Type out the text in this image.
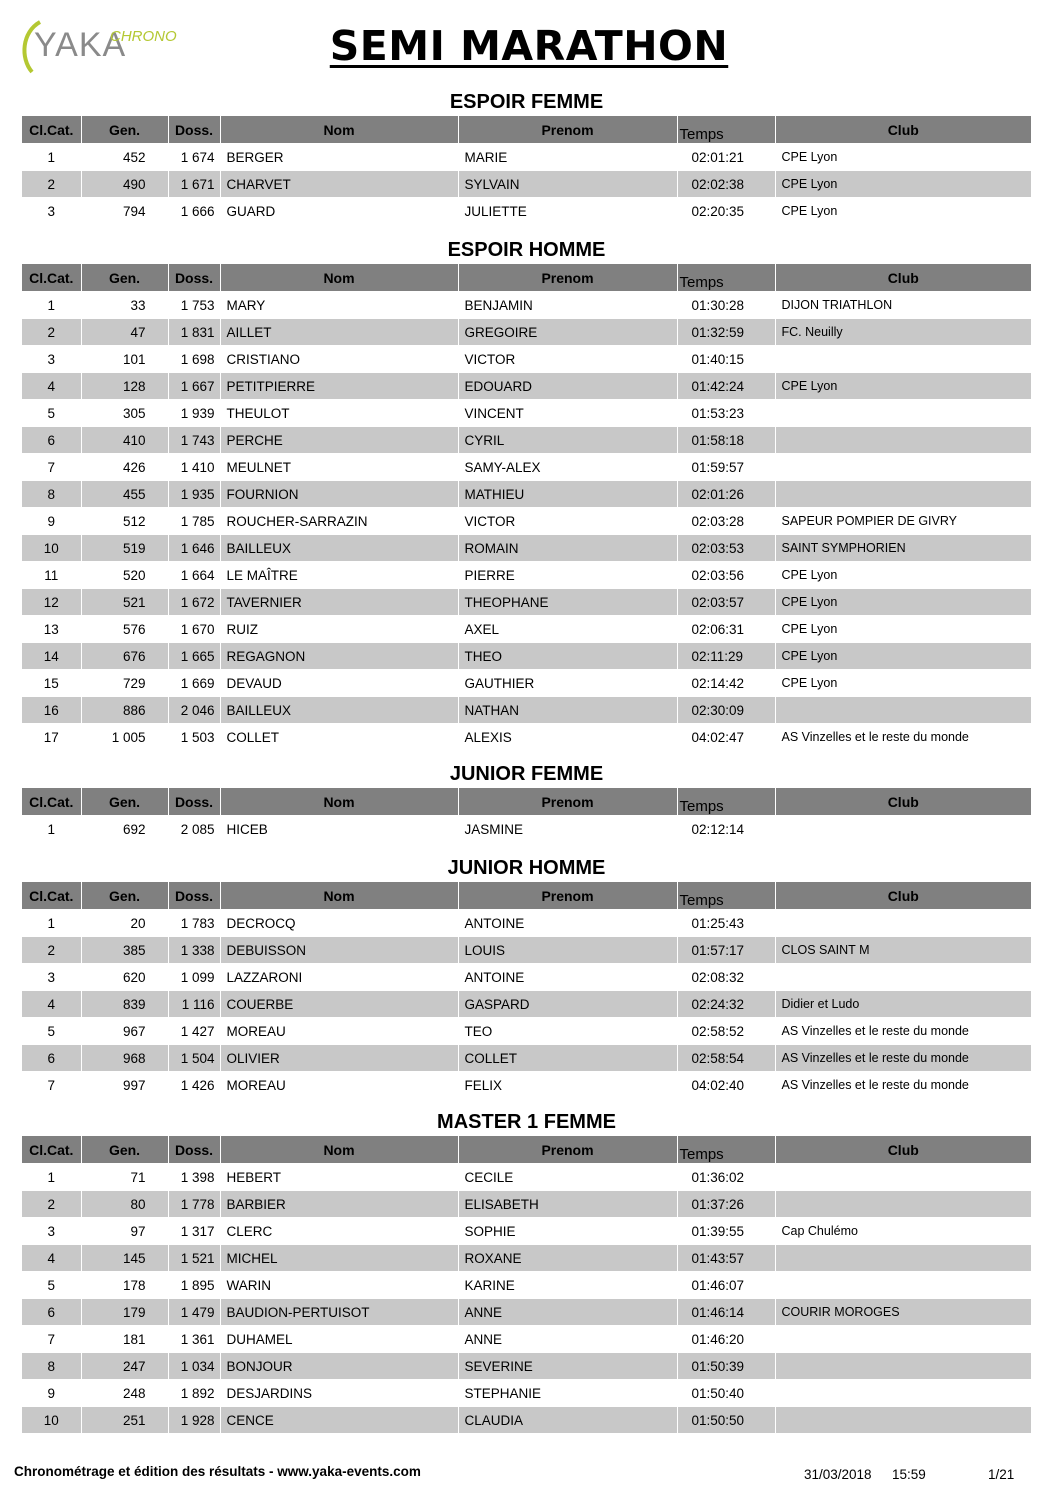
YAKA
CHRONO	SEMI MARATHON
ESPOIR FEMME
Cl.Cat.	Gen.	Doss.	Nom	Prenom	Temps	Club
1	452	1 674	BERGER	MARIE	02:01:21	CPE Lyon
2	490	1 671	CHARVET	SYLVAIN	02:02:38	CPE Lyon
3	794	1 666	GUARD	JULIETTE	02:20:35	CPE Lyon
ESPOIR HOMME
Cl.Cat.	Gen.	Doss.	Nom	Prenom	Temps	Club
1	33	1 753	MARY	BENJAMIN	01:30:28	DIJON TRIATHLON
2	47	1 831	AILLET	GREGOIRE	01:32:59	FC. Neuilly
3	101	1 698	CRISTIANO	VICTOR	01:40:15	
4	128	1 667	PETITPIERRE	EDOUARD	01:42:24	CPE Lyon
5	305	1 939	THEULOT	VINCENT	01:53:23	
6	410	1 743	PERCHE	CYRIL	01:58:18	
7	426	1 410	MEULNET	SAMY-ALEX	01:59:57	
8	455	1 935	FOURNION	MATHIEU	02:01:26	
9	512	1 785	ROUCHER-SARRAZIN	VICTOR	02:03:28	SAPEUR POMPIER DE GIVRY
10	519	1 646	BAILLEUX	ROMAIN	02:03:53	SAINT SYMPHORIEN
11	520	1 664	LE MAÎTRE	PIERRE	02:03:56	CPE Lyon
12	521	1 672	TAVERNIER	THEOPHANE	02:03:57	CPE Lyon
13	576	1 670	RUIZ	AXEL	02:06:31	CPE Lyon
14	676	1 665	REGAGNON	THEO	02:11:29	CPE Lyon
15	729	1 669	DEVAUD	GAUTHIER	02:14:42	CPE Lyon
16	886	2 046	BAILLEUX	NATHAN	02:30:09	
17	1 005	1 503	COLLET	ALEXIS	04:02:47	AS Vinzelles et le reste du monde
JUNIOR FEMME
Cl.Cat.	Gen.	Doss.	Nom	Prenom	Temps	Club
1	692	2 085	HICEB	JASMINE	02:12:14	
JUNIOR HOMME
Cl.Cat.	Gen.	Doss.	Nom	Prenom	Temps	Club
1	20	1 783	DECROCQ	ANTOINE	01:25:43	
2	385	1 338	DEBUISSON	LOUIS	01:57:17	CLOS SAINT M
3	620	1 099	LAZZARONI	ANTOINE	02:08:32	
4	839	1 116	COUERBE	GASPARD	02:24:32	Didier et Ludo
5	967	1 427	MOREAU	TEO	02:58:52	AS Vinzelles et le reste du monde
6	968	1 504	OLIVIER	COLLET	02:58:54	AS Vinzelles et le reste du monde
7	997	1 426	MOREAU	FELIX	04:02:40	AS Vinzelles et le reste du monde
MASTER 1 FEMME
Cl.Cat.	Gen.	Doss.	Nom	Prenom	Temps	Club
1	71	1 398	HEBERT	CECILE	01:36:02	
2	80	1 778	BARBIER	ELISABETH	01:37:26	
3	97	1 317	CLERC	SOPHIE	01:39:55	Cap Chulémo
4	145	1 521	MICHEL	ROXANE	01:43:57	
5	178	1 895	WARIN	KARINE	01:46:07	
6	179	1 479	BAUDION-PERTUISOT	ANNE	01:46:14	COURIR MOROGES
7	181	1 361	DUHAMEL	ANNE	01:46:20	
8	247	1 034	BONJOUR	SEVERINE	01:50:39	
9	248	1 892	DESJARDINS	STEPHANIE	01:50:40	
10	251	1 928	CENCE	CLAUDIA	01:50:50	
Chronométrage et édition des résultats - www.yaka-events.com	31/03/2018 15:59	1/21
